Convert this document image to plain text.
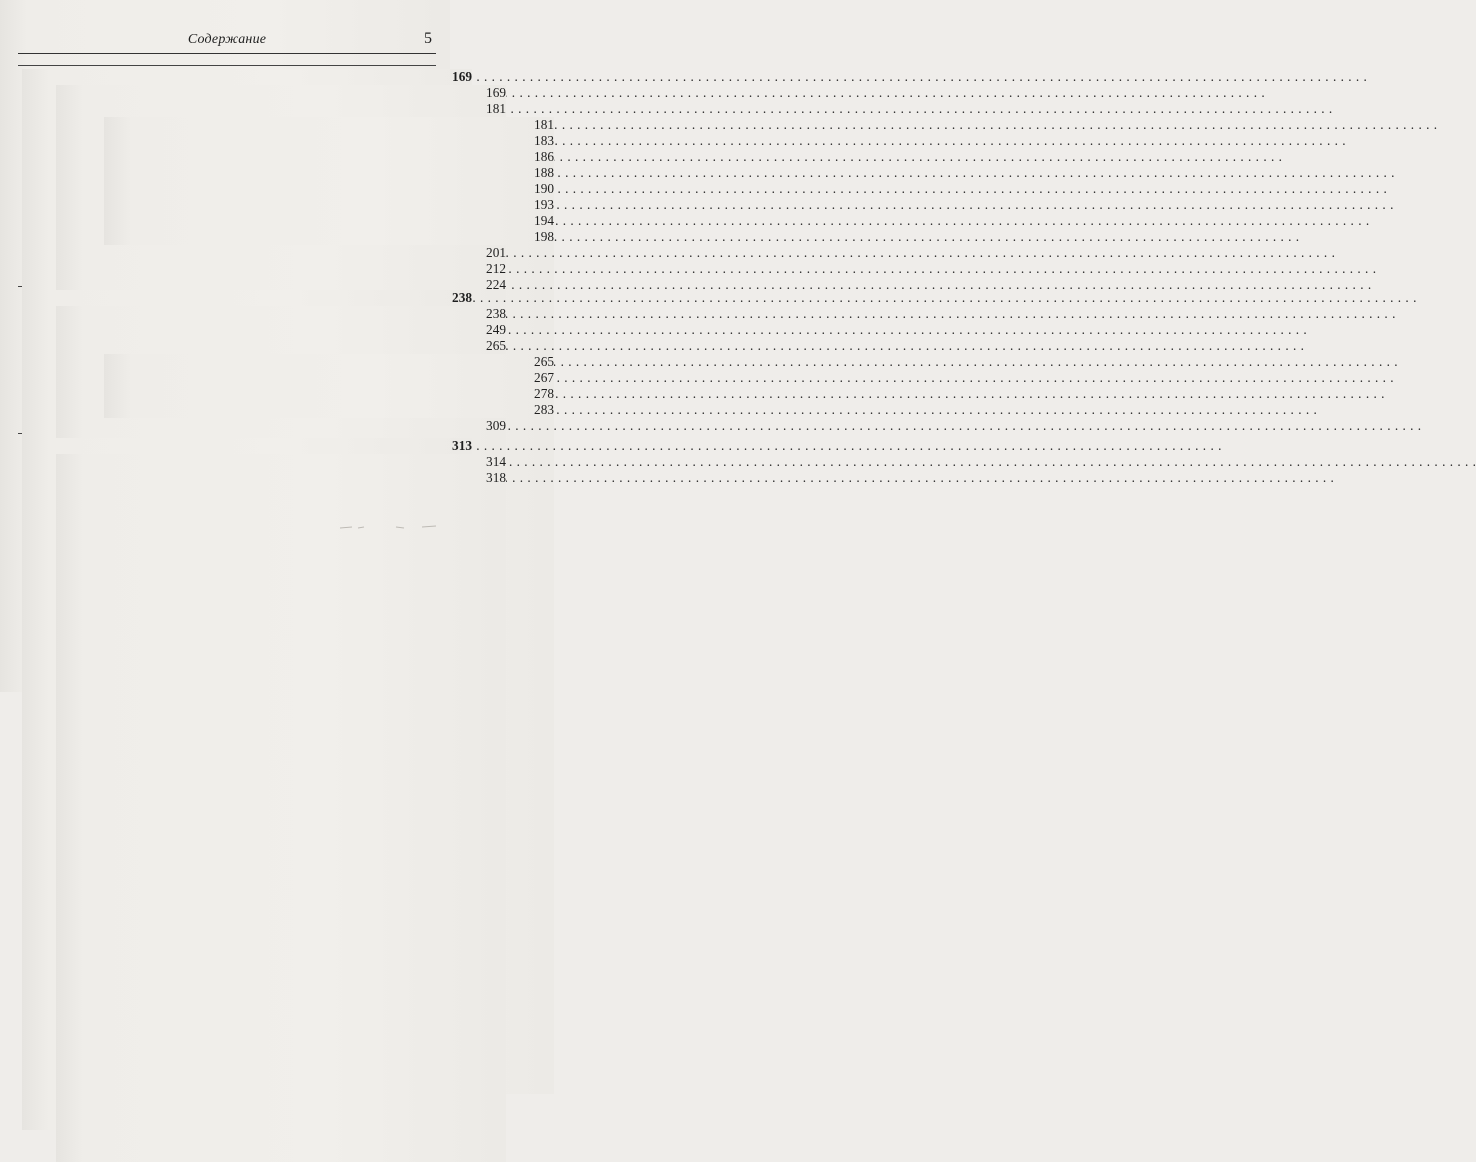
Содержание	5
. . .
169
. . .
169
. . .
181
. . .
181
. . .
183
. . .
186
. . .
188
. . .
190
. . .
193
. . .
194
. . .
198
. . .
201
. . .
212
. . .
224
. . .
238
. . .
238
. . .
249
. . .
265
. . .
265
. . .
267
. . .
278
. . .
283
. . .
309
. . .
313
. . .
314
. . .
318
